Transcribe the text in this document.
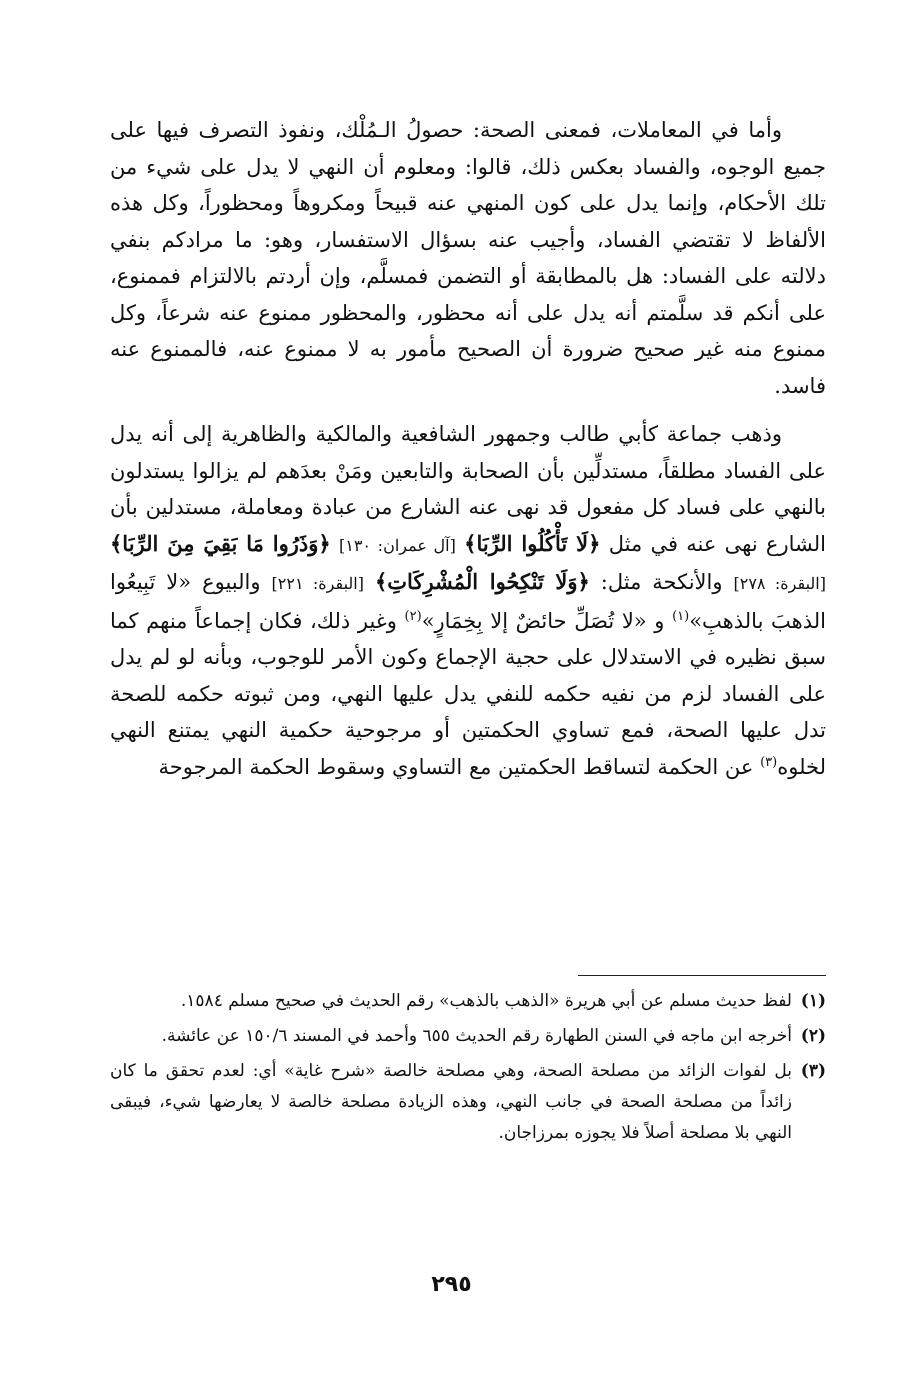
وأما في المعاملات، فمعنى الصحة: حصولُ الـمُلْك، ونفوذ التصرف فيها على جميع الوجوه، والفساد بعكس ذلك، قالوا: ومعلوم أن النهي لا يدل على شيء من تلك الأحكام، وإنما يدل على كون المنهي عنه قبيحاً ومكروهاً ومحظوراً، وكل هذه الألفاظ لا تقتضي الفساد، وأجيب عنه بسؤال الاستفسار، وهو: ما مرادكم بنفي دلالته على الفساد: هل بالمطابقة أو التضمن فمسلَّم، وإن أردتم بالالتزام فممنوع، على أنكم قد سلَّمتم أنه يدل على أنه محظور، والمحظور ممنوع عنه شرعاً، وكل ممنوع منه غير صحيح ضرورة أن الصحيح مأمور به لا ممنوع عنه، فالممنوع عنه فاسد.

وذهب جماعة كأبي طالب وجمهور الشافعية والمالكية والظاهرية إلى أنه يدل على الفساد مطلقاً، مستدلِّين بأن الصحابة والتابعين ومَنْ بعدَهم لم يزالوا يستدلون بالنهي على فساد كل مفعول قد نهى عنه الشارع من عبادة ومعاملة، مستدلين بأن الشارع نهى عنه في مثل ﴿لَا تَأْكُلُوا الرِّبَا﴾ [آل عمران: ١٣٠] ﴿وَذَرُوا مَا بَقِيَ مِنَ الرِّبَا﴾ [البقرة: ٢٧٨] والأنكحة مثل: ﴿وَلَا تَنْكِحُوا الْمُشْرِكَاتِ﴾ [البقرة: ٢٢١] والبيوع «لا تَبِيعُوا الذهبَ بالذهبِ»$^{(١)}$ و «لا تُصَلِّ حائضٌ إلا بِخِمَارٍ»$^{(٢)}$ وغير ذلك، فكان إجماعاً منهم كما سبق نظيره في الاستدلال على حجية الإجماع وكون الأمر للوجوب، وبأنه لو لم يدل على الفساد لزم من نفيه حكمه للنفي يدل عليها النهي، ومن ثبوته حكمه للصحة تدل عليها الصحة، فمع تساوي الحكمتين أو مرجوحية حكمية النهي يمتنع النهي لخلوه$^{(٣)}$ عن الحكمة لتساقط الحكمتين مع التساوي وسقوط الحكمة المرجوحة

(١)
لفظ حديث مسلم عن أبي هريرة «الذهب بالذهب» رقم الحديث في صحيح مسلم ١٥٨٤.
(٢)
أخرجه ابن ماجه في السنن الطهارة رقم الحديث ٦٥٥ وأحمد في المسند ١٥٠/٦ عن عائشة.
(٣)
بل لفوات الزائد من مصلحة الصحة، وهي مصلحة خالصة «شرح غاية» أي: لعدم تحقق ما كان زائداً من مصلحة الصحة في جانب النهي، وهذه الزيادة مصلحة خالصة لا يعارضها شيء، فيبقى النهي بلا مصلحة أصلاً فلا يجوزه بمرزاجان.
٢٩٥
